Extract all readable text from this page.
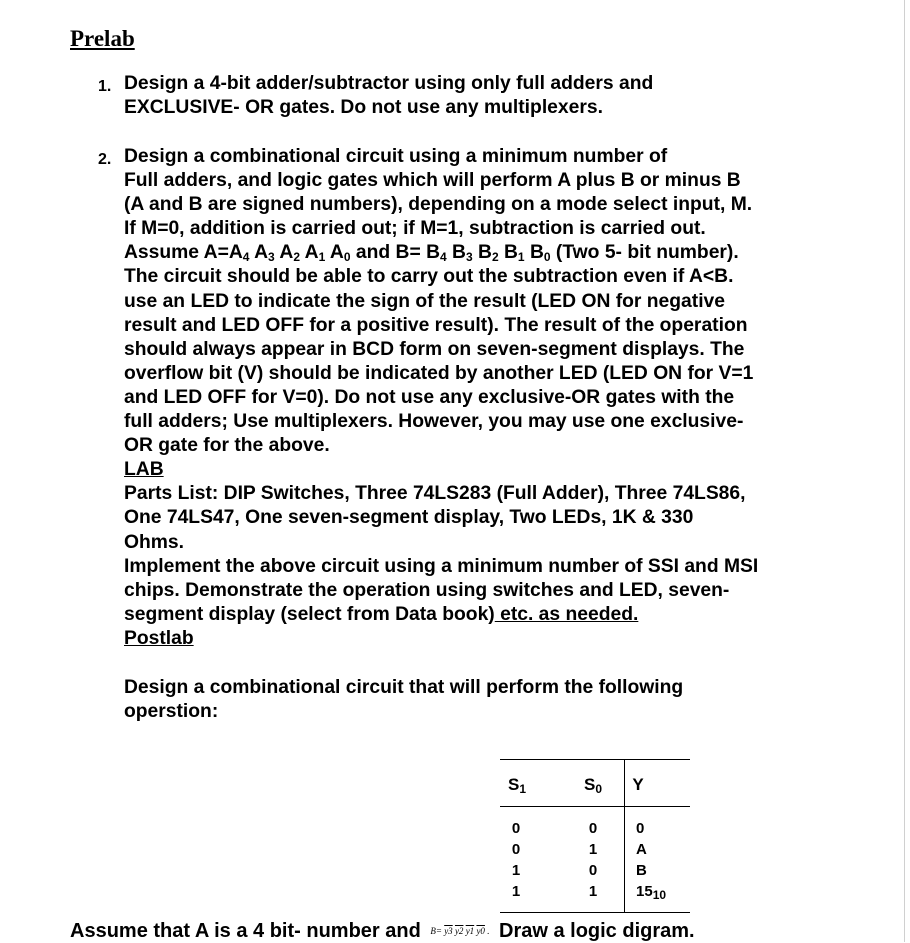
Prelab
1. Design a 4-bit adder/subtractor using only full adders and
EXCLUSIVE- OR gates. Do not use any multiplexers.
2. Design a combinational circuit using a minimum number of
Full adders, and logic gates which will perform A plus B or minus B
(A and B are signed numbers), depending on a mode select input, M.
If M=0, addition is carried out; if M=1, subtraction is carried out.
Assume $A=A_4$ $A_3$ $A_2$ $A_1$ $A_0$ and $B= B_4$ $B_3$ $B_2$ $B_1$ $B_0$ (Two 5- bit number).
The circuit should be able to carry out the subtraction even if A<B.
use an LED to indicate the sign of the result (LED ON for negative
result and LED OFF for a positive result). The result of the operation
should always appear in BCD form on seven-segment displays. The
overflow bit (V) should be indicated by another LED (LED ON for V=1
and LED OFF for V=0). Do not use any exclusive-OR gates with the
full adders; Use multiplexers. However, you may use one exclusive-
OR gate for the above.
LAB
Parts List: DIP Switches, Three 74LS283 (Full Adder), Three 74LS86,
One 74LS47, One seven-segment display, Two LEDs, 1K & 330
Ohms.
Implement the above circuit using a minimum number of SSI and MSI
chips. Demonstrate the operation using switches and LED, seven-
segment display (select from Data book) etc. as needed.
Postlab
Design a combinational circuit that will perform the following
operstion:
$S_1$	$S_0$	Y
0
0
1
1
0
1
0
1
0
A
B
$15_{10}$
Assume that A is a 4 bit- number and B= y3 y2 y1 y0 . Draw a logic digram.
